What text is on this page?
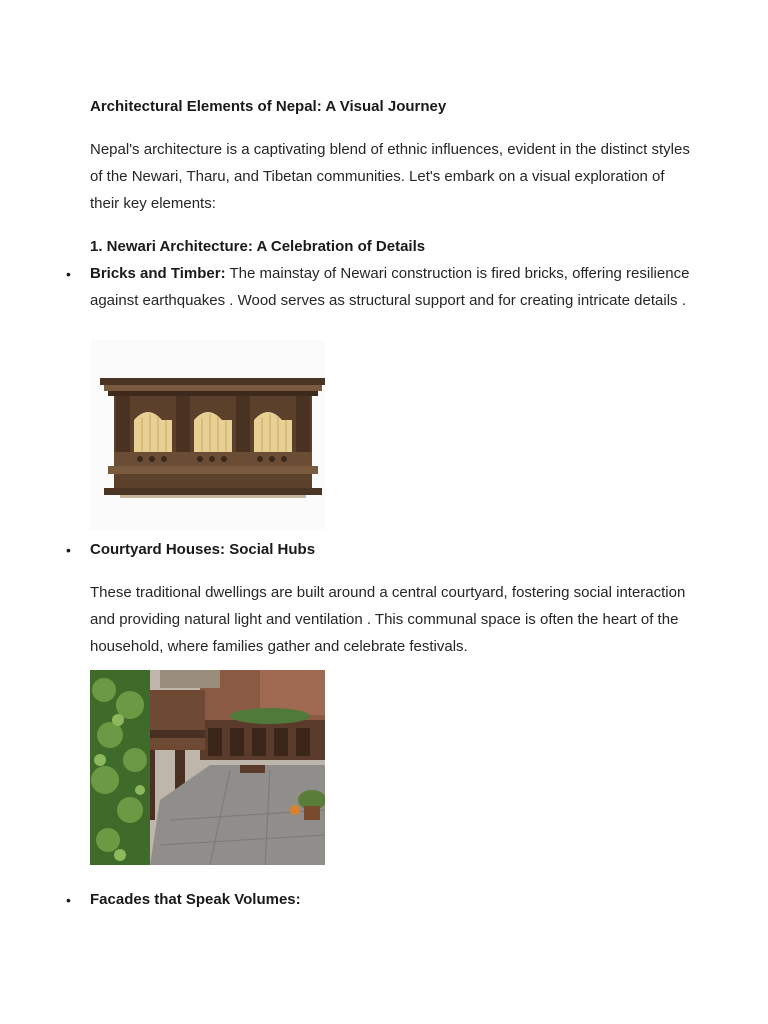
Architectural Elements of Nepal: A Visual Journey
Nepal's architecture is a captivating blend of ethnic influences, evident in the distinct styles of the Newari, Tharu, and Tibetan communities. Let's embark on a visual exploration of their key elements:
1. Newari Architecture: A Celebration of Details
• Bricks and Timber: The mainstay of Newari construction is fired bricks, offering resilience against earthquakes . Wood serves as structural support and for creating intricate details .
• Courtyard Houses: Social Hubs
These traditional dwellings are built around a central courtyard, fostering social interaction and providing natural light and ventilation . This communal space is often the heart of the household, where families gather and celebrate festivals.
• Facades that Speak Volumes:
